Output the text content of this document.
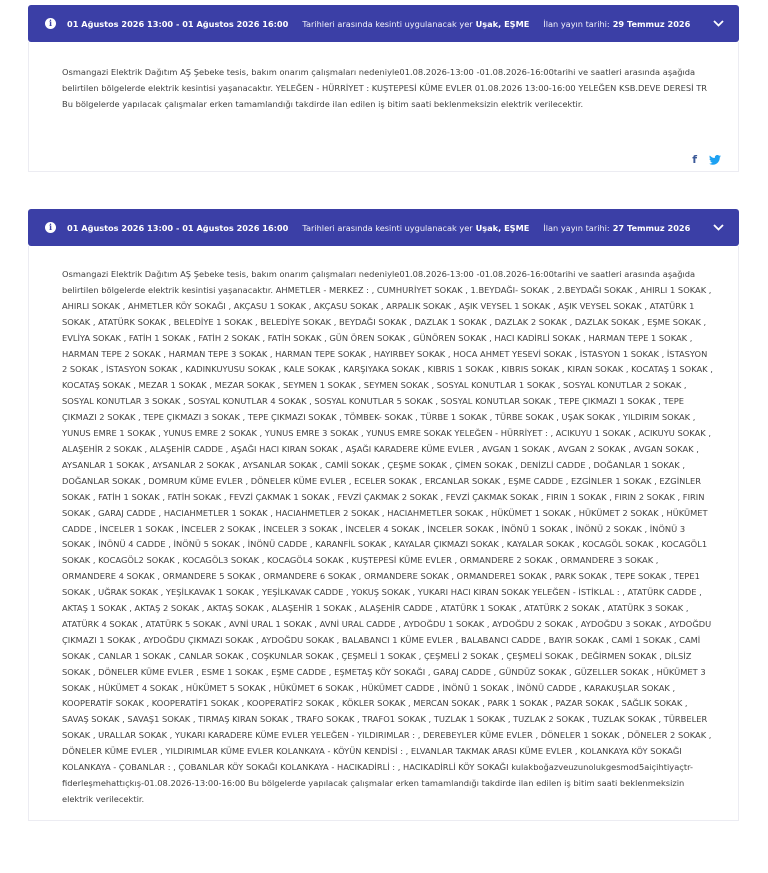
i	01 Ağustos 2026 13:00 - 01 Ağustos 2026 16:00 Tarihleri arasında kesinti uygulanacak yer Uşak, EŞME İlan yayın tarihi: 29 Temmuz 2026
Osmangazi Elektrik Dağıtım AŞ Şebeke tesis, bakım onarım çalışmaları nedeniyle01.08.2026-13:00 -01.08.2026-16:00tarihi ve saatleri arasında aşağıda belirtilen bölgelerde elektrik kesintisi yaşanacaktır. YELEĞEN - HÜRRİYET : KUŞTEPESİ KÜME EVLER 01.08.2026 13:00-16:00 YELEĞEN KSB.DEVE DERESİ TR Bu bölgelerde yapılacak çalışmalar erken tamamlandığı takdirde ilan edilen iş bitim saati beklenmeksizin elektrik verilecektir.
f
i	01 Ağustos 2026 13:00 - 01 Ağustos 2026 16:00 Tarihleri arasında kesinti uygulanacak yer Uşak, EŞME İlan yayın tarihi: 27 Temmuz 2026
Osmangazi Elektrik Dağıtım AŞ Şebeke tesis, bakım onarım çalışmaları nedeniyle01.08.2026-13:00 -01.08.2026-16:00tarihi ve saatleri arasında aşağıda belirtilen bölgelerde elektrik kesintisi yaşanacaktır. AHMETLER - MERKEZ : , CUMHURİYET SOKAK , 1.BEYDAĞI- SOKAK , 2.BEYDAĞI SOKAK , AHIRLI 1 SOKAK , AHIRLI SOKAK , AHMETLER KÖY SOKAĞI , AKÇASU 1 SOKAK , AKÇASU SOKAK , ARPALIK SOKAK , AŞIK VEYSEL 1 SOKAK , AŞIK VEYSEL SOKAK , ATATÜRK 1 SOKAK , ATATÜRK SOKAK , BELEDİYE 1 SOKAK , BELEDİYE SOKAK , BEYDAĞI SOKAK , DAZLAK 1 SOKAK , DAZLAK 2 SOKAK , DAZLAK SOKAK , EŞME SOKAK , EVLİYA SOKAK , FATİH 1 SOKAK , FATİH 2 SOKAK , FATİH SOKAK , GÜN ÖREN SOKAK , GÜNÖREN SOKAK , HACI KADİRLİ SOKAK , HARMAN TEPE 1 SOKAK , HARMAN TEPE 2 SOKAK , HARMAN TEPE 3 SOKAK , HARMAN TEPE SOKAK , HAYIRBEY SOKAK , HOCA AHMET YESEVİ SOKAK , İSTASYON 1 SOKAK , İSTASYON 2 SOKAK , İSTASYON SOKAK , KADINKUYUSU SOKAK , KALE SOKAK , KARŞIYAKA SOKAK , KIBRIS 1 SOKAK , KIBRIS SOKAK , KIRAN SOKAK , KOCATAŞ 1 SOKAK , KOCATAŞ SOKAK , MEZAR 1 SOKAK , MEZAR SOKAK , SEYMEN 1 SOKAK , SEYMEN SOKAK , SOSYAL KONUTLAR 1 SOKAK , SOSYAL KONUTLAR 2 SOKAK , SOSYAL KONUTLAR 3 SOKAK , SOSYAL KONUTLAR 4 SOKAK , SOSYAL KONUTLAR 5 SOKAK , SOSYAL KONUTLAR SOKAK , TEPE ÇIKMAZI 1 SOKAK , TEPE ÇIKMAZI 2 SOKAK , TEPE ÇIKMAZI 3 SOKAK , TEPE ÇIKMAZI SOKAK , TÖMBEK- SOKAK , TÜRBE 1 SOKAK , TÜRBE SOKAK , UŞAK SOKAK , YILDIRIM SOKAK , YUNUS EMRE 1 SOKAK , YUNUS EMRE 2 SOKAK , YUNUS EMRE 3 SOKAK , YUNUS EMRE SOKAK YELEĞEN - HÜRRİYET : , ACIKUYU 1 SOKAK , ACIKUYU SOKAK , ALAŞEHİR 2 SOKAK , ALAŞEHİR CADDE , AŞAĞI HACI KIRAN SOKAK , AŞAĞI KARADERE KÜME EVLER , AVGAN 1 SOKAK , AVGAN 2 SOKAK , AVGAN SOKAK , AYSANLAR 1 SOKAK , AYSANLAR 2 SOKAK , AYSANLAR SOKAK , CAMİİ SOKAK , ÇEŞME SOKAK , ÇİMEN SOKAK , DENİZLİ CADDE , DOĞANLAR 1 SOKAK , DOĞANLAR SOKAK , DOMRUM KÜME EVLER , DÖNELER KÜME EVLER , ECELER SOKAK , ERCANLAR SOKAK , EŞME CADDE , EZGİNLER 1 SOKAK , EZGİNLER SOKAK , FATİH 1 SOKAK , FATİH SOKAK , FEVZİ ÇAKMAK 1 SOKAK , FEVZİ ÇAKMAK 2 SOKAK , FEVZİ ÇAKMAK SOKAK , FIRIN 1 SOKAK , FIRIN 2 SOKAK , FIRIN SOKAK , GARAJ CADDE , HACIAHMETLER 1 SOKAK , HACIAHMETLER 2 SOKAK , HACIAHMETLER SOKAK , HÜKÜMET 1 SOKAK , HÜKÜMET 2 SOKAK , HÜKÜMET CADDE , İNCELER 1 SOKAK , İNCELER 2 SOKAK , İNCELER 3 SOKAK , İNCELER 4 SOKAK , İNCELER SOKAK , İNÖNÜ 1 SOKAK , İNÖNÜ 2 SOKAK , İNÖNÜ 3 SOKAK , İNÖNÜ 4 CADDE , İNÖNÜ 5 SOKAK , İNÖNÜ CADDE , KARANFİL SOKAK , KAYALAR ÇIKMAZI SOKAK , KAYALAR SOKAK , KOCAGÖL SOKAK , KOCAGÖL1 SOKAK , KOCAGÖL2 SOKAK , KOCAGÖL3 SOKAK , KOCAGÖL4 SOKAK , KUŞTEPESİ KÜME EVLER , ORMANDERE 2 SOKAK , ORMANDERE 3 SOKAK , ORMANDERE 4 SOKAK , ORMANDERE 5 SOKAK , ORMANDERE 6 SOKAK , ORMANDERE SOKAK , ORMANDERE1 SOKAK , PARK SOKAK , TEPE SOKAK , TEPE1 SOKAK , UĞRAK SOKAK , YEŞİLKAVAK 1 SOKAK , YEŞİLKAVAK CADDE , YOKUŞ SOKAK , YUKARI HACI KIRAN SOKAK YELEĞEN - İSTİKLAL : , ATATÜRK CADDE , AKTAŞ 1 SOKAK , AKTAŞ 2 SOKAK , AKTAŞ SOKAK , ALAŞEHİR 1 SOKAK , ALAŞEHİR CADDE , ATATÜRK 1 SOKAK , ATATÜRK 2 SOKAK , ATATÜRK 3 SOKAK , ATATÜRK 4 SOKAK , ATATÜRK 5 SOKAK , AVNİ URAL 1 SOKAK , AVNİ URAL CADDE , AYDOĞDU 1 SOKAK , AYDOĞDU 2 SOKAK , AYDOĞDU 3 SOKAK , AYDOĞDU ÇIKMAZI 1 SOKAK , AYDOĞDU ÇIKMAZI SOKAK , AYDOĞDU SOKAK , BALABANCI 1 KÜME EVLER , BALABANCI CADDE , BAYIR SOKAK , CAMİ 1 SOKAK , CAMİ SOKAK , CANLAR 1 SOKAK , CANLAR SOKAK , COŞKUNLAR SOKAK , ÇEŞMELİ 1 SOKAK , ÇEŞMELİ 2 SOKAK , ÇEŞMELİ SOKAK , DEĞİRMEN SOKAK , DİLSİZ SOKAK , DÖNELER KÜME EVLER , ESME 1 SOKAK , EŞME CADDE , EŞMETAŞ KÖY SOKAĞI , GARAJ CADDE , GÜNDÜZ SOKAK , GÜZELLER SOKAK , HÜKÜMET 3 SOKAK , HÜKÜMET 4 SOKAK , HÜKÜMET 5 SOKAK , HÜKÜMET 6 SOKAK , HÜKÜMET CADDE , İNÖNÜ 1 SOKAK , İNÖNÜ CADDE , KARAKUŞLAR SOKAK , KOOPERATİF SOKAK , KOOPERATİF1 SOKAK , KOOPERATİF2 SOKAK , KÖKLER SOKAK , MERCAN SOKAK , PARK 1 SOKAK , PAZAR SOKAK , SAĞLIK SOKAK , SAVAŞ SOKAK , SAVAŞ1 SOKAK , TIRMAŞ KIRAN SOKAK , TRAFO SOKAK , TRAFO1 SOKAK , TUZLAK 1 SOKAK , TUZLAK 2 SOKAK , TUZLAK SOKAK , TÜRBELER SOKAK , URALLAR SOKAK , YUKARI KARADERE KÜME EVLER YELEĞEN - YILDIRIMLAR : , DEREBEYLER KÜME EVLER , DÖNELER 1 SOKAK , DÖNELER 2 SOKAK , DÖNELER KÜME EVLER , YILDIRIMLAR KÜME EVLER KOLANKAYA - KÖYÜN KENDİSİ : , ELVANLAR TAKMAK ARASI KÜME EVLER , KOLANKAYA KÖY SOKAĞI KOLANKAYA - ÇOBANLAR : , ÇOBANLAR KÖY SOKAĞI KOLANKAYA - HACIKADİRLİ : , HACIKADİRLİ KÖY SOKAĞI kulakboğazveuzunolukgesmod5aiçihtiyaçtr-fiderleşmehattıçkış-01.08.2026-13:00-16:00 Bu bölgelerde yapılacak çalışmalar erken tamamlandığı takdirde ilan edilen iş bitim saati beklenmeksizin elektrik verilecektir.
